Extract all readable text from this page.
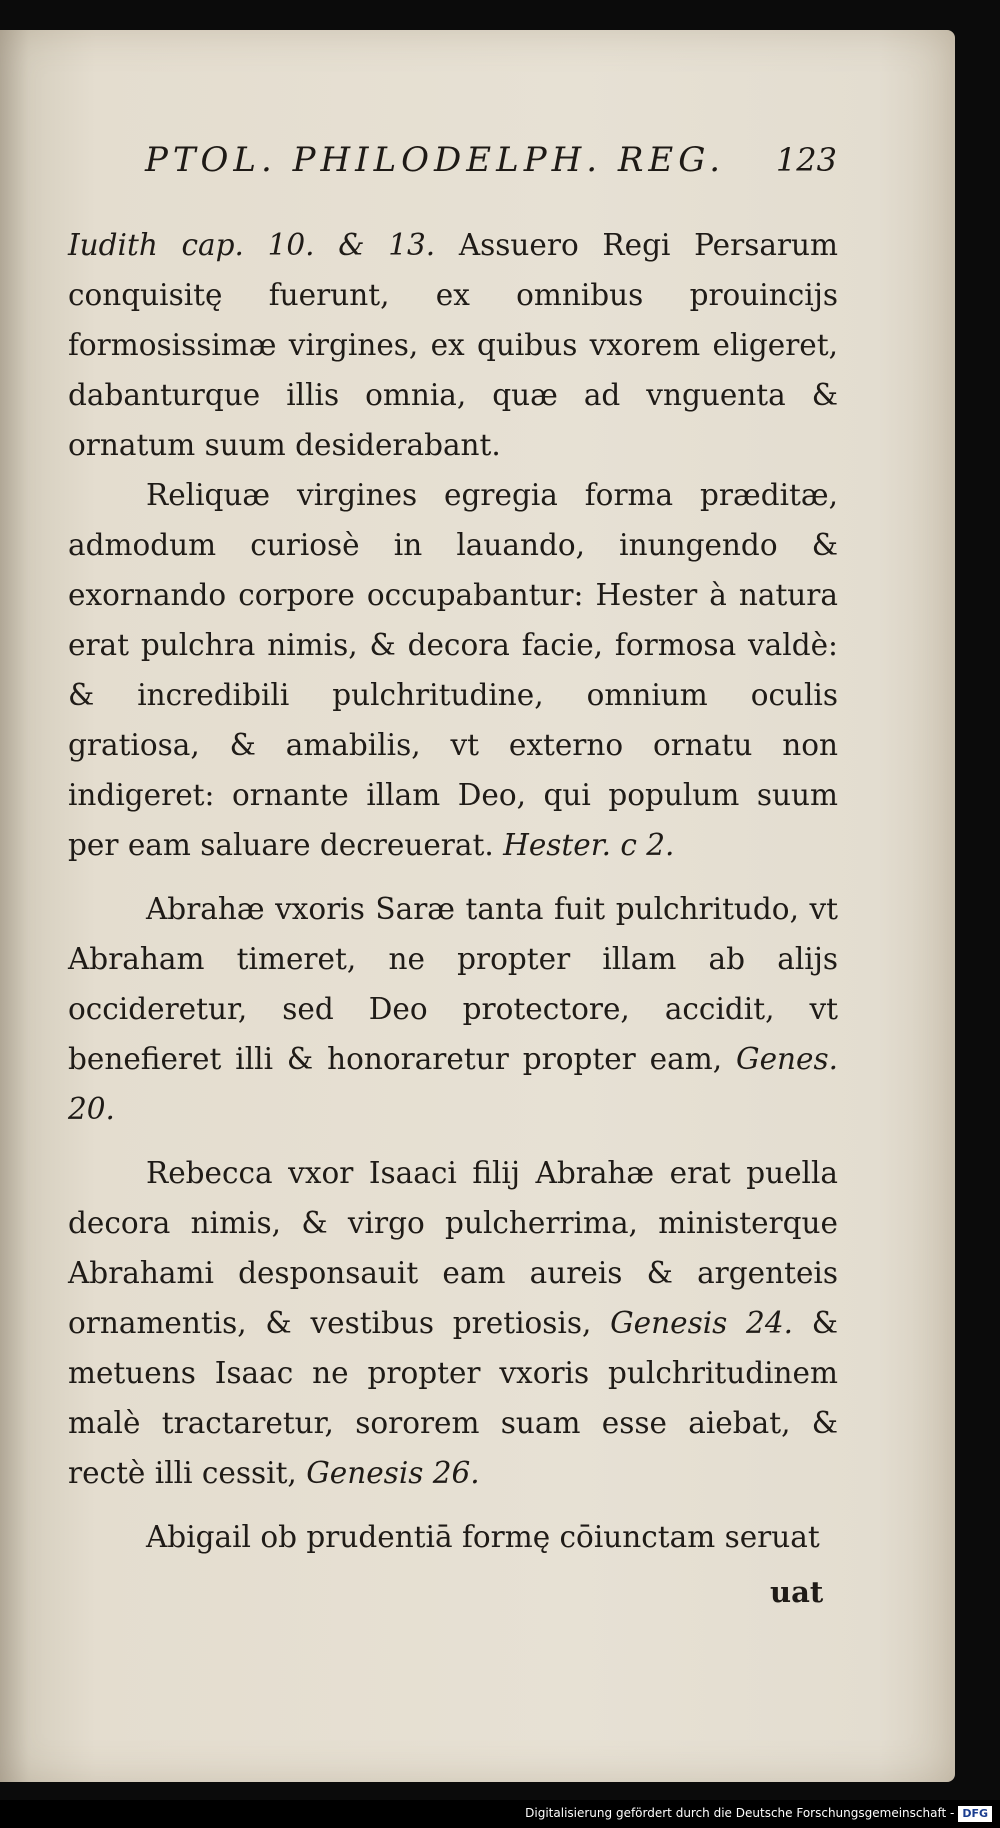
PTOL. PHILODELPH. REG. 123

Iudith cap. 10. & 13. Assuero Regi Persarum conquisitę fuerunt, ex omnibus prouincijs formosissimæ virgines, ex quibus vxorem eligeret, dabanturque illis omnia, quæ ad vnguenta & ornatum suum desiderabant.

Reliquæ virgines egregia forma præditæ, admodum curiosè in lauando, inungendo & exornando corpore occupabantur: Hester à natura erat pulchra nimis, & decora facie, formosa valdè: & incredibili pulchritudine, omnium oculis gratiosa, & amabilis, vt externo ornatu non indigeret: ornante illam Deo, qui populum suum per eam saluare decreuerat. Hester. c 2.

Abrahæ vxoris Saræ tanta fuit pulchritudo, vt Abraham timeret, ne propter illam ab alijs occideretur, sed Deo protectore, accidit, vt benefieret illi & honoraretur propter eam, Genes. 20.

Rebecca vxor Isaaci filij Abrahæ erat puella decora nimis, & virgo pulcherrima, ministerque Abrahami desponsauit eam aureis & argenteis ornamentis, & vestibus pretiosis, Genesis 24. & metuens Isaac ne propter vxoris pulchritudinem malè tractaretur, sororem suam esse aiebat, & rectè illi cessit, Genesis 26.

Abigail ob prudentiā formę cōiunctam seruat

uat
Digitalisierung gefördert durch die Deutsche Forschungsgemeinschaft - DFG
